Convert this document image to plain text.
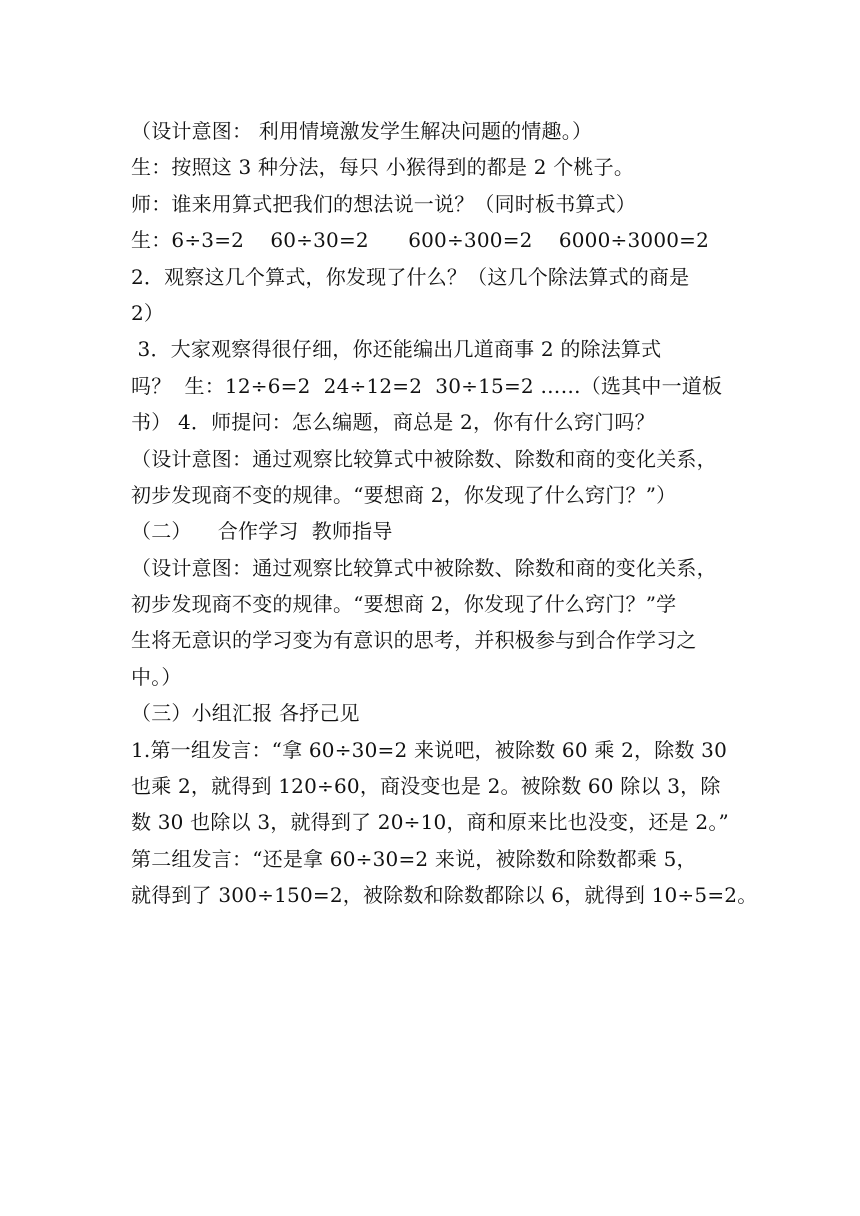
（设计意图： 利用情境激发学生解决问题的情趣。）
生：按照这 3 种分法，每只 小猴得到的都是 2 个桃子。
师：谁来用算式把我们的想法说一说？（同时板书算式）
生：6÷3=2    60÷30=2      600÷300=2    6000÷3000=2
2．观察这几个算式，你发现了什么？（这几个除法算式的商是
2）
3．大家观察得很仔细，你还能编出几道商事 2 的除法算式
吗？  生：12÷6=2  24÷12=2  30÷15=2 ……（选其中一道板
书） 4．师提问：怎么编题，商总是 2，你有什么窍门吗？
（设计意图：通过观察比较算式中被除数、除数和商的变化关系，
初步发现商不变的规律。“要想商 2，你发现了什么窍门？”）
（二）    合作学习  教师指导
（设计意图：通过观察比较算式中被除数、除数和商的变化关系，
初步发现商不变的规律。“要想商 2，你发现了什么窍门？”学
生将无意识的学习变为有意识的思考，并积极参与到合作学习之
中。）
（三）小组汇报 各抒己见
1.第一组发言：“拿 60÷30=2 来说吧，被除数 60 乘 2，除数 30
也乘 2，就得到 120÷60，商没变也是 2。被除数 60 除以 3，除
数 30 也除以 3，就得到了 20÷10，商和原来比也没变，还是 2。”
第二组发言：“还是拿 60÷30=2 来说，被除数和除数都乘 5，
就得到了 300÷150=2，被除数和除数都除以 6，就得到 10÷5=2。
